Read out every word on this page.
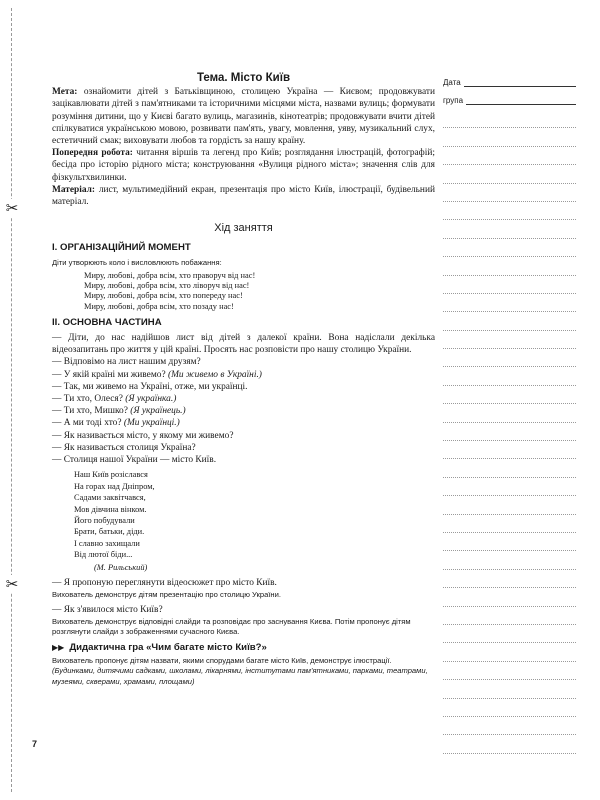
✂
✂
Дата
група
Тема. Місто Київ

Мета: ознайомити дітей з Батьківщиною, столицею Україна — Києвом; продовжувати зацікавлювати дітей з пам'ятниками та історичними місцями міста, назвами вулиць; формувати розуміння дитини, що у Києві багато вулиць, магазинів, кінотеатрів; продовжувати вчити дітей спілкуватися українською мовою, розвивати пам'ять, увагу, мовлення, уяву, музикальний слух, естетичний смак; виховувати любов та гордість за нашу країну.

Попередня робота: читання віршів та легенд про Київ; розглядання ілюстрацій, фотографій; бесіда про історію рідного міста; конструювання «Вулиця рідного міста»; значення слів для фізкультхвилинки.

Матеріал: лист, мультимедійний екран, презентація про місто Київ, ілюстрації, будівельний матеріал.

Хід заняття
I. ОРГАНІЗАЦІЙНИЙ МОМЕНТ
Діти утворюють коло і висловлюють побажання:

Миру, любові, добра всім, хто праворуч від нас!

Миру, любові, добра всім, хто ліворуч від нас!

Миру, любові, добра всім, хто попереду нас!

Миру, любові, добра всім, хто позаду нас!

II. ОСНОВНА ЧАСТИНА

— Діти, до нас надійшов лист від дітей з далекої країни. Вона надіслали декілька відеозапитань про життя у цій країні. Просять нас розповісти про нашу столицю України.

— Відповімо на лист нашим друзям?

— У якій країні ми живемо? (Ми живемо в Україні.)

— Так, ми живемо на Україні, отже, ми українці.

— Ти хто, Олеся? (Я українка.)

— Ти хто, Мишко? (Я українець.)

— А ми тоді хто? (Ми українці.)

— Як називається місто, у якому ми живемо?

— Як називається столиця Україна?

— Столиця нашої України — місто Київ.

Наш Київ розіслався

На горах над Дніпром,

Садами заквітчався,

Мов дівчина вінком.

Його побудували

Брати, батьки, діди.

І славно захищали

Від лютої біди...

(М. Рильський)

— Я пропоную переглянути відеосюжет про місто Київ.

Вихователь демонструє дітям презентацію про столицю України.

— Як з'явилося місто Київ?

Вихователь демонструє відповідні слайди та розповідає про заснування Києва. Потім пропонує дітям розглянути слайди з зображеннями сучасного Києва.
▶▶ Дидактична гра «Чим багате місто Київ?»
Вихователь пропонує дітям назвати, якими спорудами багате місто Київ, демонструє ілюстрації. (Будинками, дитячими садками, школами, лікарнями, інститутами пам'ятниками, парками, театрами, музеями, скверами, храмами, площами)
7
